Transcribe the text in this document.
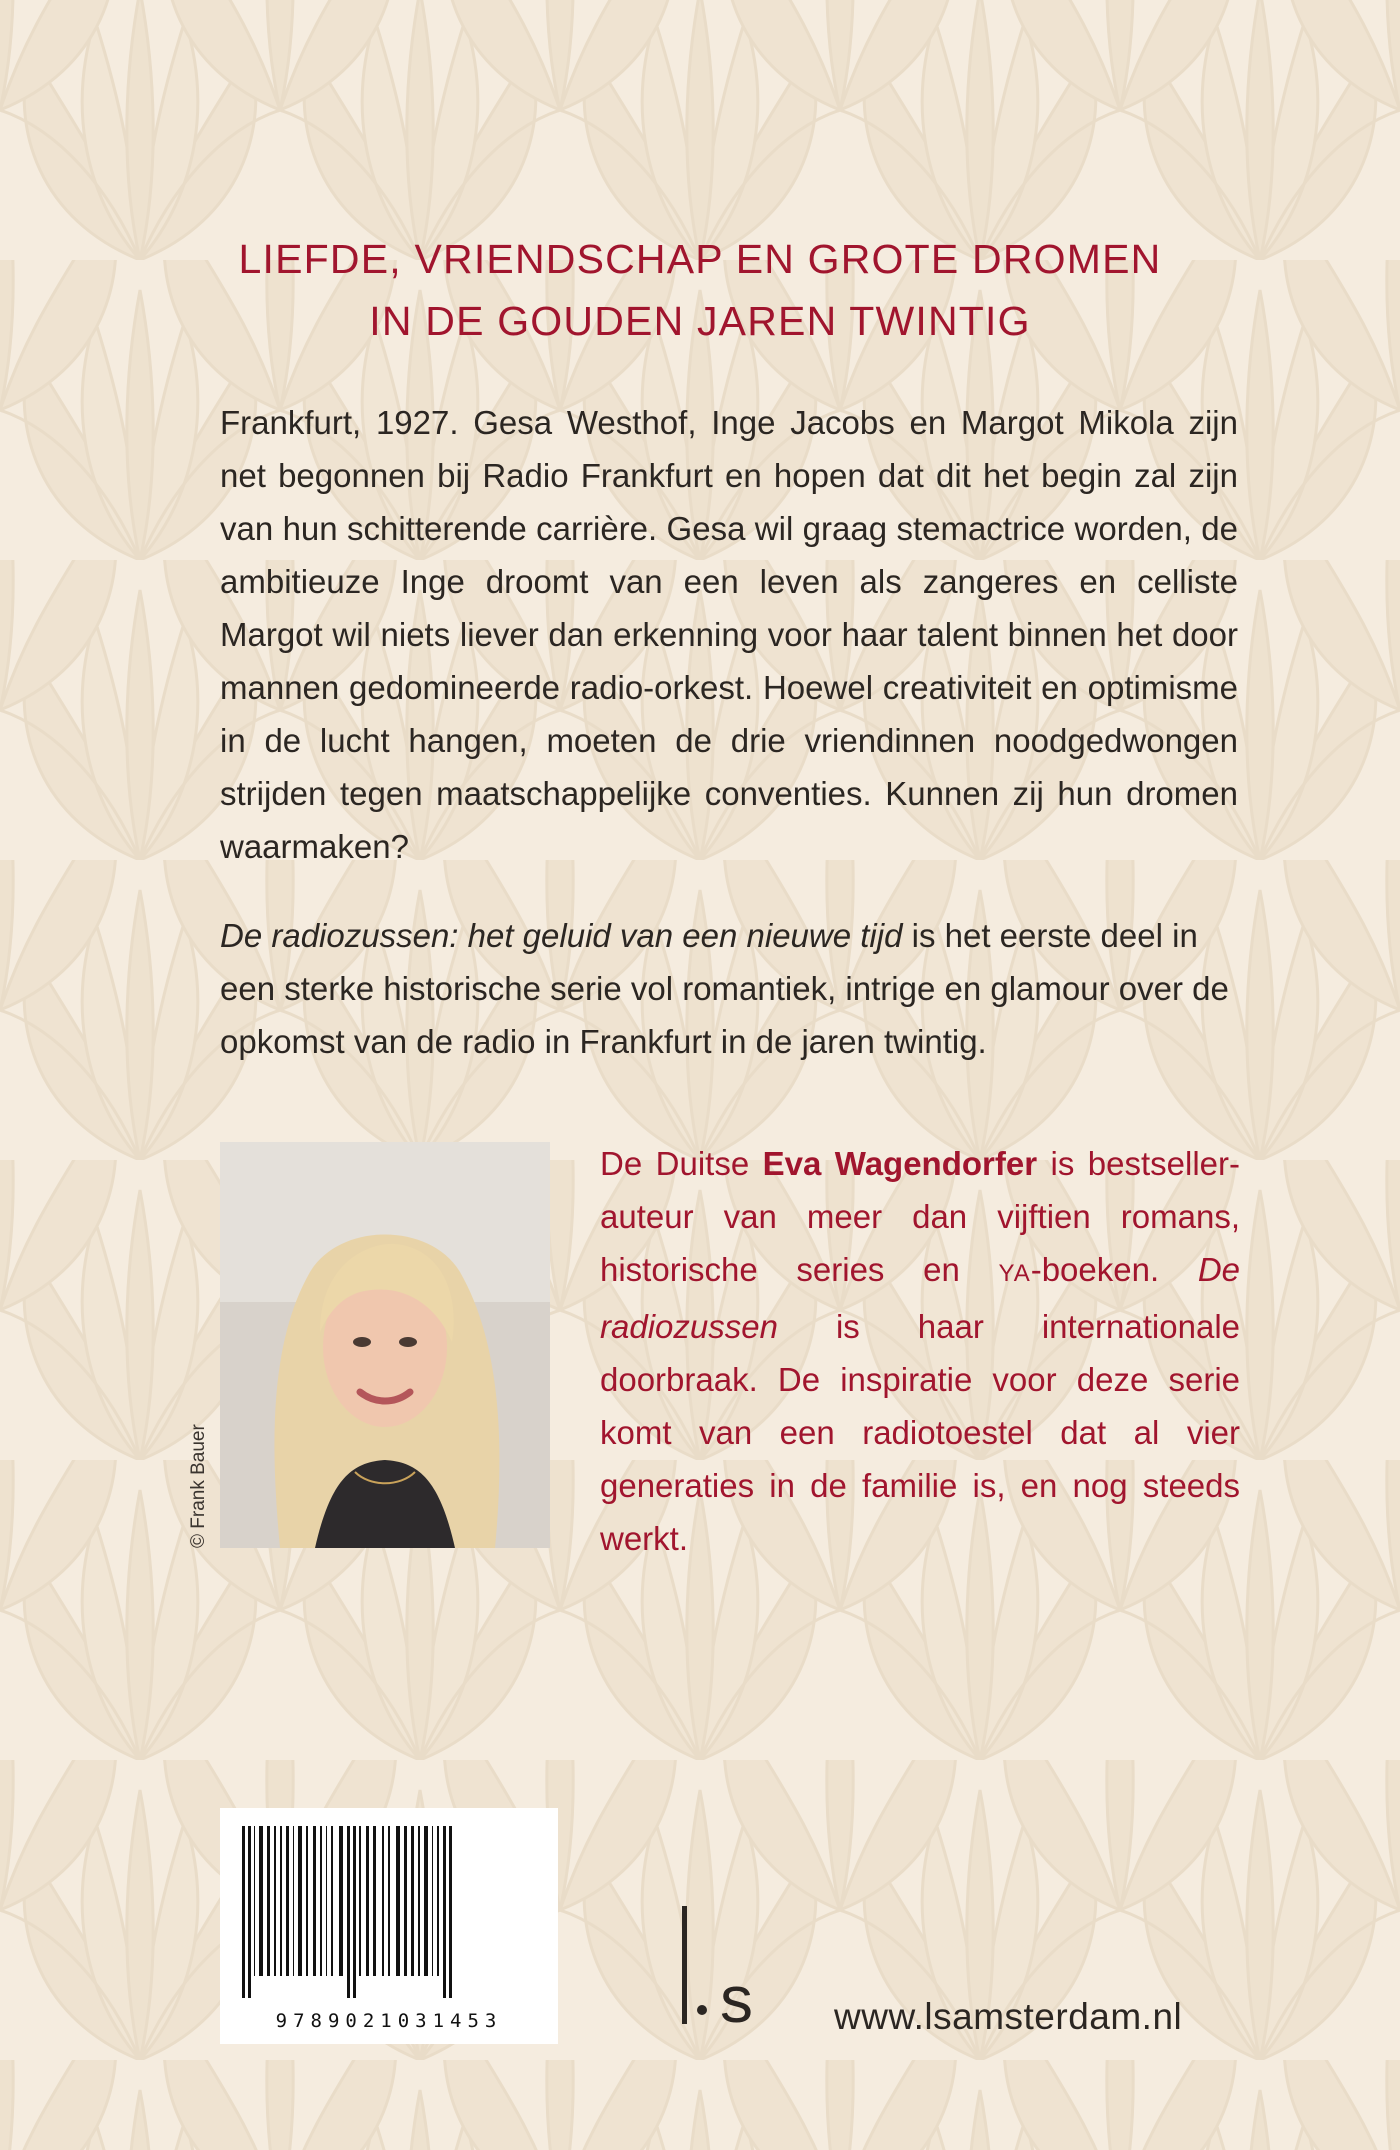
LIEFDE, VRIENDSCHAP EN GROTE DROMEN
IN DE GOUDEN JAREN TWINTIG

Frankfurt, 1927. Gesa Westhof, Inge Jacobs en Margot Mikola zijn net begonnen bij Radio Frankfurt en hopen dat dit het begin zal zijn van hun schitterende carrière. Gesa wil graag stemactrice worden, de ambitieuze Inge droomt van een leven als zangeres en celliste Margot wil niets liever dan erkenning voor haar talent binnen het door mannen gedomineerde radio-orkest. Hoewel creativiteit en optimisme in de lucht hangen, moeten de drie vriendinnen noodgedwongen strijden tegen maatschappelijke conventies. Kunnen zij hun dromen waarmaken?

De radiozussen: het geluid van een nieuwe tijd is het eerste deel in een sterke historische serie vol romantiek, intrige en glamour over de opkomst van de radio in Frankfurt in de jaren twintig.

© Frank Bauer

De Duitse Eva Wagendorfer is bestseller-auteur van meer dan vijftien romans, historische series en YA-boeken. De radiozussen is haar internationale doorbraak. De inspiratie voor deze serie komt van een radiotoestel dat al vier generaties in de familie is, en nog steeds werkt.

9789021031453	s www.lsamsterdam.nl
